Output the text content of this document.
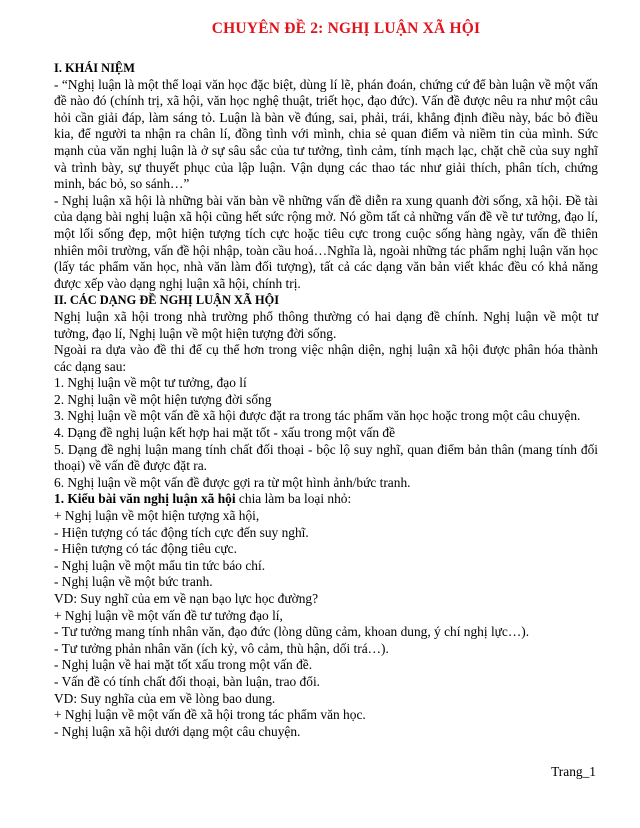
CHUYÊN ĐỀ 2: NGHỊ LUẬN XÃ HỘI

I. KHÁI NIỆM

- “Nghị luận là một thể loại văn học đặc biệt, dùng lí lẽ, phán đoán, chứng cứ để bàn luận về một vấn đề nào đó (chính trị, xã hội, văn học nghệ thuật, triết học, đạo đức). Vấn đề được nêu ra như một câu hỏi cần giải đáp, làm sáng tỏ. Luận là bàn về đúng, sai, phải, trái, khẳng định điều này, bác bỏ điều kia, để người ta nhận ra chân lí, đồng tình với mình, chia sẻ quan điểm và niềm tin của mình. Sức mạnh của văn nghị luận là ở sự sâu sắc của tư tưởng, tình cảm, tính mạch lạc, chặt chẽ của suy nghĩ và trình bày, sự thuyết phục của lập luận. Vận dụng các thao tác như giải thích, phân tích, chứng minh, bác bỏ, so sánh…”

- Nghị luận xã hội là những bài văn bàn về những vấn đề diễn ra xung quanh đời sống, xã hội. Đề tài của dạng bài nghị luận xã hội cũng hết sức rộng mở. Nó gồm tất cả những vấn đề về tư tưởng, đạo lí, một lối sống đẹp, một hiện tượng tích cực hoặc tiêu cực trong cuộc sống hàng ngày, vấn đề thiên nhiên môi trường, vấn đề hội nhập, toàn cầu hoá…Nghĩa là, ngoài những tác phẩm nghị luận văn học (lấy tác phẩm văn học, nhà văn làm đối tượng), tất cả các dạng văn bản viết khác đều có khả năng được xếp vào dạng nghị luận xã hội, chính trị.

II. CÁC DẠNG ĐỀ NGHỊ LUẬN XÃ HỘI

Nghị luận xã hội trong nhà trường phổ thông thường có hai dạng đề chính. Nghị luận về một tư tưởng, đạo lí, Nghị luận về một hiện tượng đời sống.

Ngoài ra dựa vào đề thi để cụ thể hơn trong việc nhận diện, nghị luận xã hội được phân hóa thành các dạng sau:

1. Nghị luận về một tư tưởng, đạo lí

2. Nghị luận về một hiện tượng đời sống

3. Nghị luận về một vấn đề xã hội được đặt ra trong tác phẩm văn học hoặc trong một câu chuyện.

4. Dạng đề nghị luận kết hợp hai mặt tốt - xấu trong một vấn đề

5. Dạng đề nghị luận mang tính chất đối thoại - bộc lộ suy nghĩ, quan điểm bản thân (mang tính đối thoại) về vấn đề được đặt ra.

6. Nghị luận về một vấn đề được gợi ra từ một hình ảnh/bức tranh.

1. Kiểu bài văn nghị luận xã hội chia làm ba loại nhỏ:

+ Nghị luận về một hiện tượng xã hội,

- Hiện tượng có tác động tích cực đến suy nghĩ.

- Hiện tượng có tác động tiêu cực.

- Nghị luận về một mẩu tin tức báo chí.

- Nghị luận về một bức tranh.

VD: Suy nghĩ của em về nạn bạo lực học đường?

+ Nghị luận về một vấn đề tư tưởng đạo lí,

- Tư tưởng mang tính nhân văn, đạo đức (lòng dũng cảm, khoan dung, ý chí nghị lực…).

- Tư tưởng phản nhân văn (ích kỷ, vô cảm, thù hận, dối trá…).

- Nghị luận về hai mặt tốt xấu trong một vấn đề.

- Vấn đề có tính chất đối thoại, bàn luận, trao đổi.

VD: Suy nghĩa của em về lòng bao dung.

+ Nghị luận về một vấn đề xã hội trong tác phẩm văn học.

- Nghị luận xã hội dưới dạng một câu chuyện.

Trang_1
